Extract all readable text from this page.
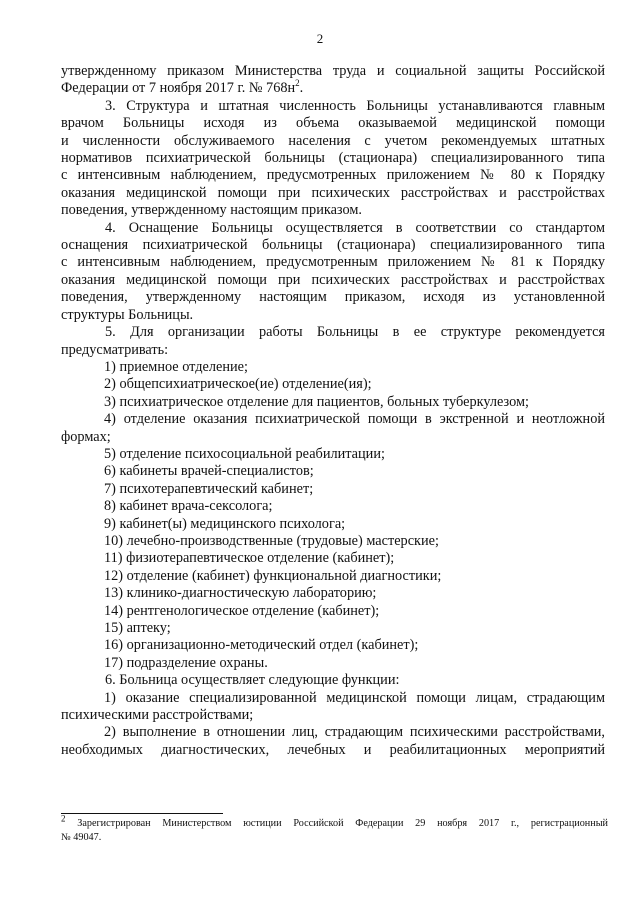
2

утвержденному приказом Министерства труда и социальной защиты Российской

Федерации от 7 ноября 2017 г. № $768н^2$.

3. Структура и штатная численность Больницы устанавливаются главным

врачом Больницы исходя из объема оказываемой медицинской помощи

и численности обслуживаемого населения с учетом рекомендуемых штатных

нормативов психиатрической больницы (стационара) специализированного типа

с интенсивным наблюдением, предусмотренных приложением № 80 к Порядку

оказания медицинской помощи при психических расстройствах и расстройствах

поведения, утвержденному настоящим приказом.

4. Оснащение Больницы осуществляется в соответствии со стандартом

оснащения психиатрической больницы (стационара) специализированного типа

с интенсивным наблюдением, предусмотренным приложением № 81 к Порядку

оказания медицинской помощи при психических расстройствах и расстройствах

поведения, утвержденному настоящим приказом, исходя из установленной

структуры Больницы.

5. Для организации работы Больницы в ее структуре рекомендуется

предусматривать:

1) приемное отделение;

2) общепсихиатрическое(ие) отделение(ия);

3) психиатрическое отделение для пациентов, больных туберкулезом;

4) отделение оказания психиатрической помощи в экстренной и неотложной

формах;

5) отделение психосоциальной реабилитации;

6) кабинеты врачей-специалистов;

7) психотерапевтический кабинет;

8) кабинет врача-сексолога;

9) кабинет(ы) медицинского психолога;

10) лечебно-производственные (трудовые) мастерские;

11) физиотерапевтическое отделение (кабинет);

12) отделение (кабинет) функциональной диагностики;

13) клинико-диагностическую лабораторию;

14) рентгенологическое отделение (кабинет);

15) аптеку;

16) организационно-методический отдел (кабинет);

17) подразделение охраны.

6. Больница осуществляет следующие функции:

1) оказание специализированной медицинской помощи лицам, страдающим

психическими расстройствами;

2) выполнение в отношении лиц, страдающим психическими расстройствами,

необходимых диагностических, лечебных и реабилитационных мероприятий

$^2$ Зарегистрирован Министерством юстиции Российской Федерации 29 ноября 2017 г., регистрационный

№ 49047.
